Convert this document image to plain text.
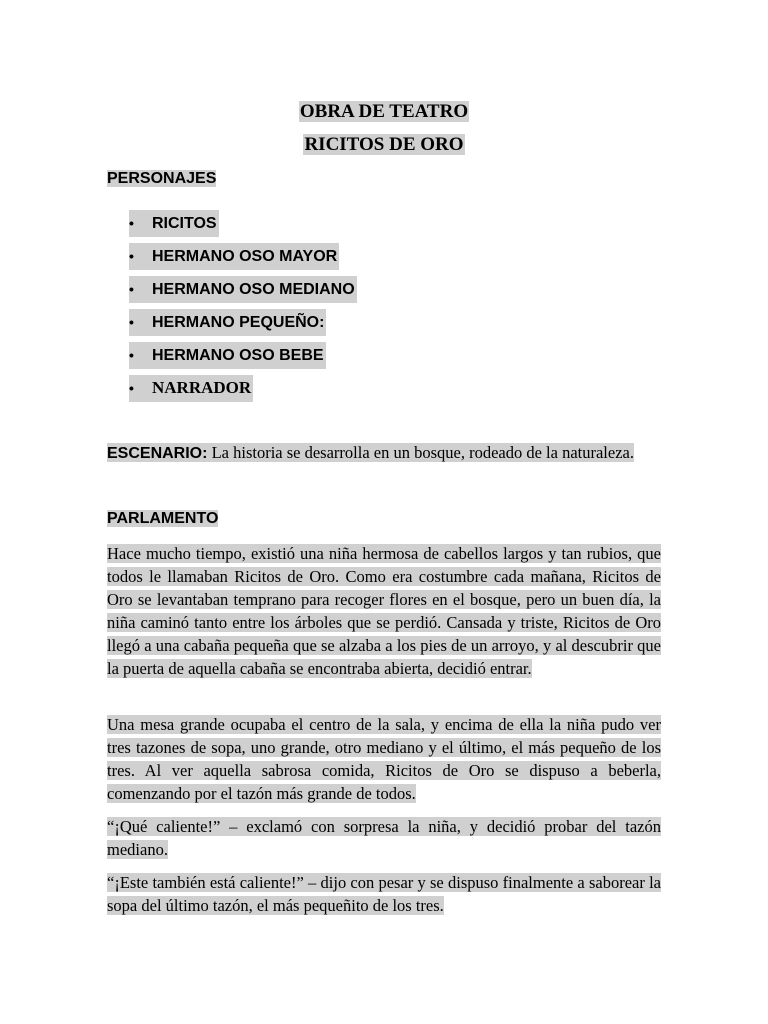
OBRA DE TEATRO
RICITOS DE ORO
PERSONAJES
• RICITOS
• HERMANO OSO MAYOR
• HERMANO OSO MEDIANO
• HERMANO PEQUEÑO:
• HERMANO OSO BEBE
• NARRADOR
ESCENARIO: La historia se desarrolla en un bosque, rodeado de la naturaleza.
PARLAMENTO
Hace mucho tiempo, existió una niña hermosa de cabellos largos y tan rubios, que todos le llamaban Ricitos de Oro. Como era costumbre cada mañana, Ricitos de Oro se levantaban temprano para recoger flores en el bosque, pero un buen día, la niña caminó tanto entre los árboles que se perdió. Cansada y triste, Ricitos de Oro llegó a una cabaña pequeña que se alzaba a los pies de un arroyo, y al descubrir que la puerta de aquella cabaña se encontraba abierta, decidió entrar.
Una mesa grande ocupaba el centro de la sala, y encima de ella la niña pudo ver tres tazones de sopa, uno grande, otro mediano y el último, el más pequeño de los tres. Al ver aquella sabrosa comida, Ricitos de Oro se dispuso a beberla, comenzando por el tazón más grande de todos.
“¡Qué caliente!” – exclamó con sorpresa la niña, y decidió probar del tazón mediano.
“¡Este también está caliente!” – dijo con pesar y se dispuso finalmente a saborear la sopa del último tazón, el más pequeñito de los tres.
